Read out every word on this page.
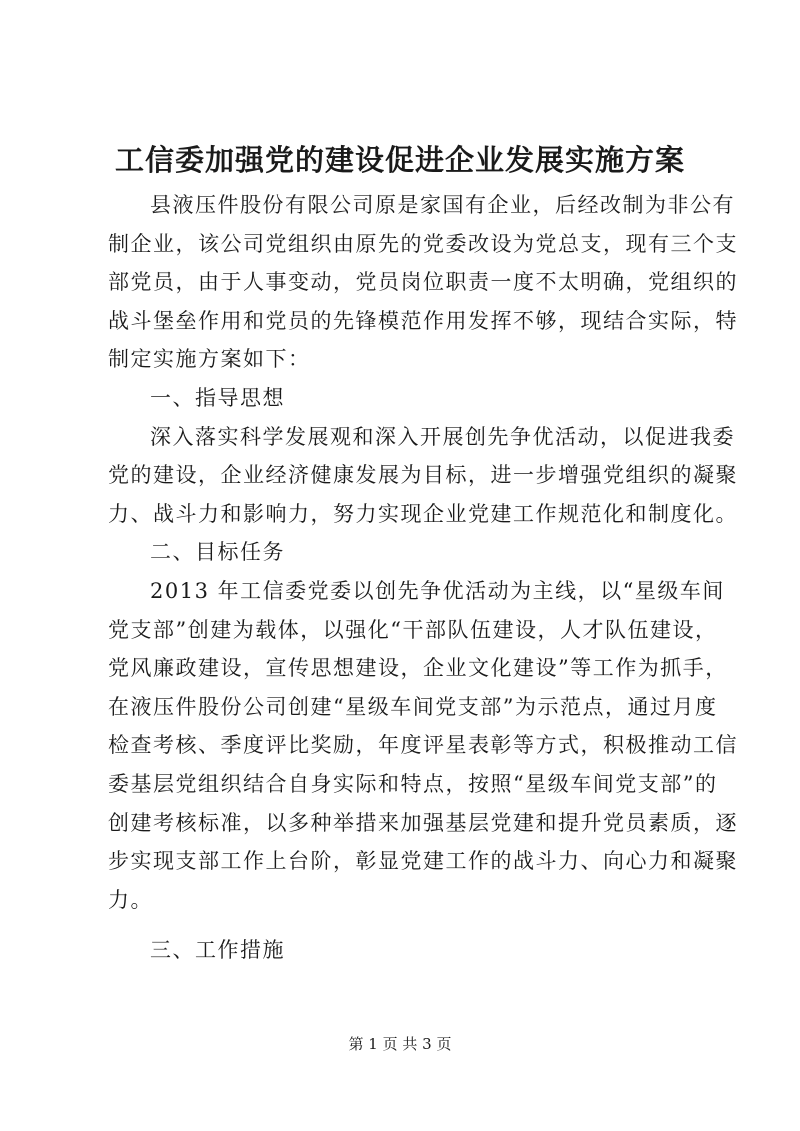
工信委加强党的建设促进企业发展实施方案
县液压件股份有限公司原是家国有企业，后经改制为非公有
制企业，该公司党组织由原先的党委改设为党总支，现有三个支
部党员，由于人事变动，党员岗位职责一度不太明确，党组织的
战斗堡垒作用和党员的先锋模范作用发挥不够，现结合实际，特
制定实施方案如下：
一、指导思想
深入落实科学发展观和深入开展创先争优活动，以促进我委
党的建设，企业经济健康发展为目标，进一步增强党组织的凝聚
力、战斗力和影响力，努力实现企业党建工作规范化和制度化。
二、目标任务
2013 年工信委党委以创先争优活动为主线，以“星级车间
党支部”创建为载体，以强化“干部队伍建设，人才队伍建设，
党风廉政建设，宣传思想建设，企业文化建设”等工作为抓手，
在液压件股份公司创建“星级车间党支部”为示范点，通过月度
检查考核、季度评比奖励，年度评星表彰等方式，积极推动工信
委基层党组织结合自身实际和特点，按照“星级车间党支部”的
创建考核标准，以多种举措来加强基层党建和提升党员素质，逐
步实现支部工作上台阶，彰显党建工作的战斗力、向心力和凝聚
力。
三、工作措施
第 1 页 共 3 页
